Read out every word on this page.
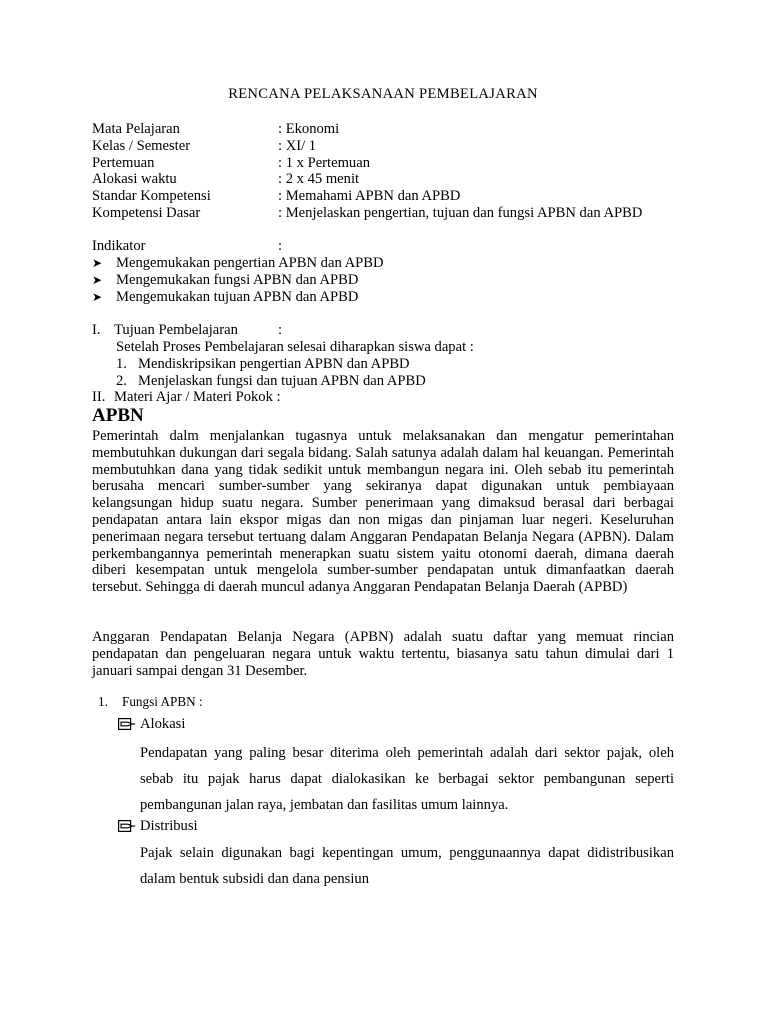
RENCANA PELAKSANAAN PEMBELAJARAN
Mata Pelajaran	: Ekonomi
Kelas / Semester	: XI/ 1
Pertemuan	: 1 x Pertemuan
Alokasi waktu	: 2 x 45 menit
Standar Kompetensi	: Memahami APBN dan APBD
Kompetensi Dasar	: Menjelaskan pengertian, tujuan dan fungsi APBN dan APBD
Indikator	:
➤ Mengemukakan pengertian APBN dan APBD
➤ Mengemukakan fungsi APBN dan APBD
➤ Mengemukakan tujuan APBN dan APBD
I. Tujuan Pembelajaran	:
Setelah Proses Pembelajaran selesai diharapkan siswa dapat :
1. Mendiskripsikan pengertian APBN dan APBD
2. Menjelaskan fungsi dan tujuan APBN dan APBD
II. Materi Ajar / Materi Pokok :
APBN
Pemerintah dalm menjalankan tugasnya untuk melaksanakan dan mengatur pemerintahan membutuhkan dukungan dari segala bidang. Salah satunya adalah dalam hal keuangan. Pemerintah membutuhkan dana yang tidak sedikit untuk membangun negara ini. Oleh sebab itu pemerintah berusaha mencari sumber-sumber yang sekiranya dapat digunakan untuk pembiayaan kelangsungan hidup suatu negara. Sumber penerimaan yang dimaksud berasal dari berbagai pendapatan antara lain ekspor migas dan non migas dan pinjaman luar negeri. Keseluruhan penerimaan negara tersebut tertuang dalam Anggaran Pendapatan Belanja Negara (APBN). Dalam perkembangannya pemerintah menerapkan suatu sistem yaitu otonomi daerah, dimana daerah diberi kesempatan untuk mengelola sumber-sumber pendapatan untuk dimanfaatkan daerah tersebut. Sehingga di daerah muncul adanya Anggaran Pendapatan Belanja Daerah (APBD)
Anggaran Pendapatan Belanja Negara (APBN) adalah suatu daftar yang memuat rincian pendapatan dan pengeluaran negara untuk waktu tertentu, biasanya satu tahun dimulai dari 1 januari sampai dengan 31 Desember.
1.	Fungsi APBN :
Alokasi
Pendapatan yang paling besar diterima oleh pemerintah adalah dari sektor pajak, oleh sebab itu pajak harus dapat dialokasikan ke berbagai sektor pembangunan seperti pembangunan jalan raya, jembatan dan fasilitas umum lainnya.
Distribusi
Pajak selain digunakan bagi kepentingan umum, penggunaannya dapat didistribusikan dalam bentuk subsidi dan dana pensiun
